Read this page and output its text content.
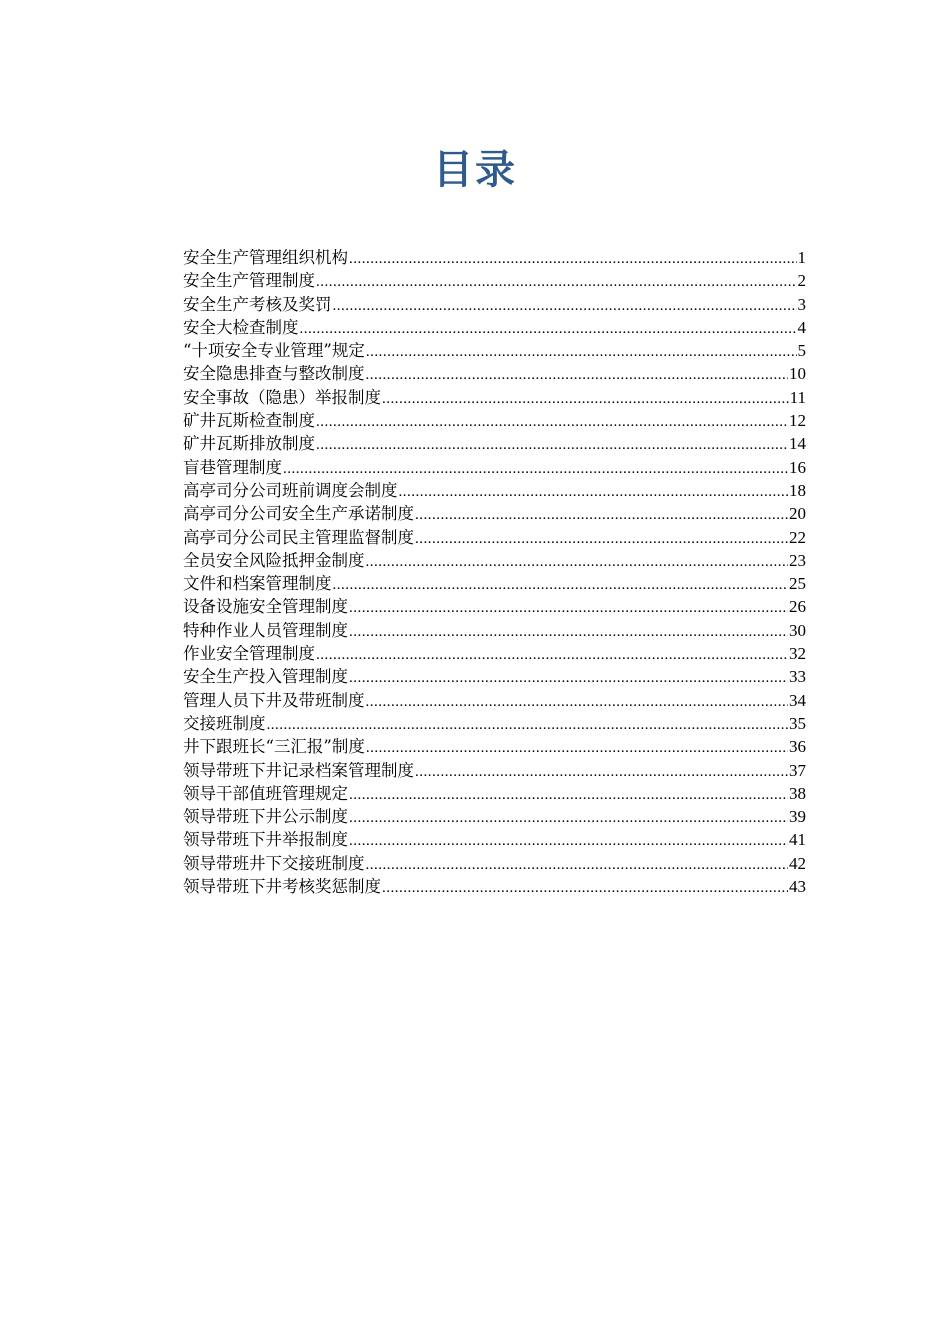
目录
安全生产管理组织机构 .....	1
安全生产管理制度 .....	2
安全生产考核及奖罚 .....	3
安全大检查制度 .....	4
“十项安全专业管理”规定 .....	5
安全隐患排查与整改制度 .....	10
安全事故（隐患）举报制度 .....	11
矿井瓦斯检查制度 .....	12
矿井瓦斯排放制度 .....	14
盲巷管理制度 .....	16
高亭司分公司班前调度会制度 .....	18
高亭司分公司安全生产承诺制度 .....	20
高亭司分公司民主管理监督制度 .....	22
全员安全风险抵押金制度 .....	23
文件和档案管理制度 .....	25
设备设施安全管理制度 .....	26
特种作业人员管理制度 .....	30
作业安全管理制度 .....	32
安全生产投入管理制度 .....	33
管理人员下井及带班制度 .....	34
交接班制度 .....	35
井下跟班长“三汇报”制度 .....	36
领导带班下井记录档案管理制度 .....	37
领导干部值班管理规定 .....	38
领导带班下井公示制度 .....	39
领导带班下井举报制度 .....	41
领导带班井下交接班制度 .....	42
领导带班下井考核奖惩制度 .....	43
